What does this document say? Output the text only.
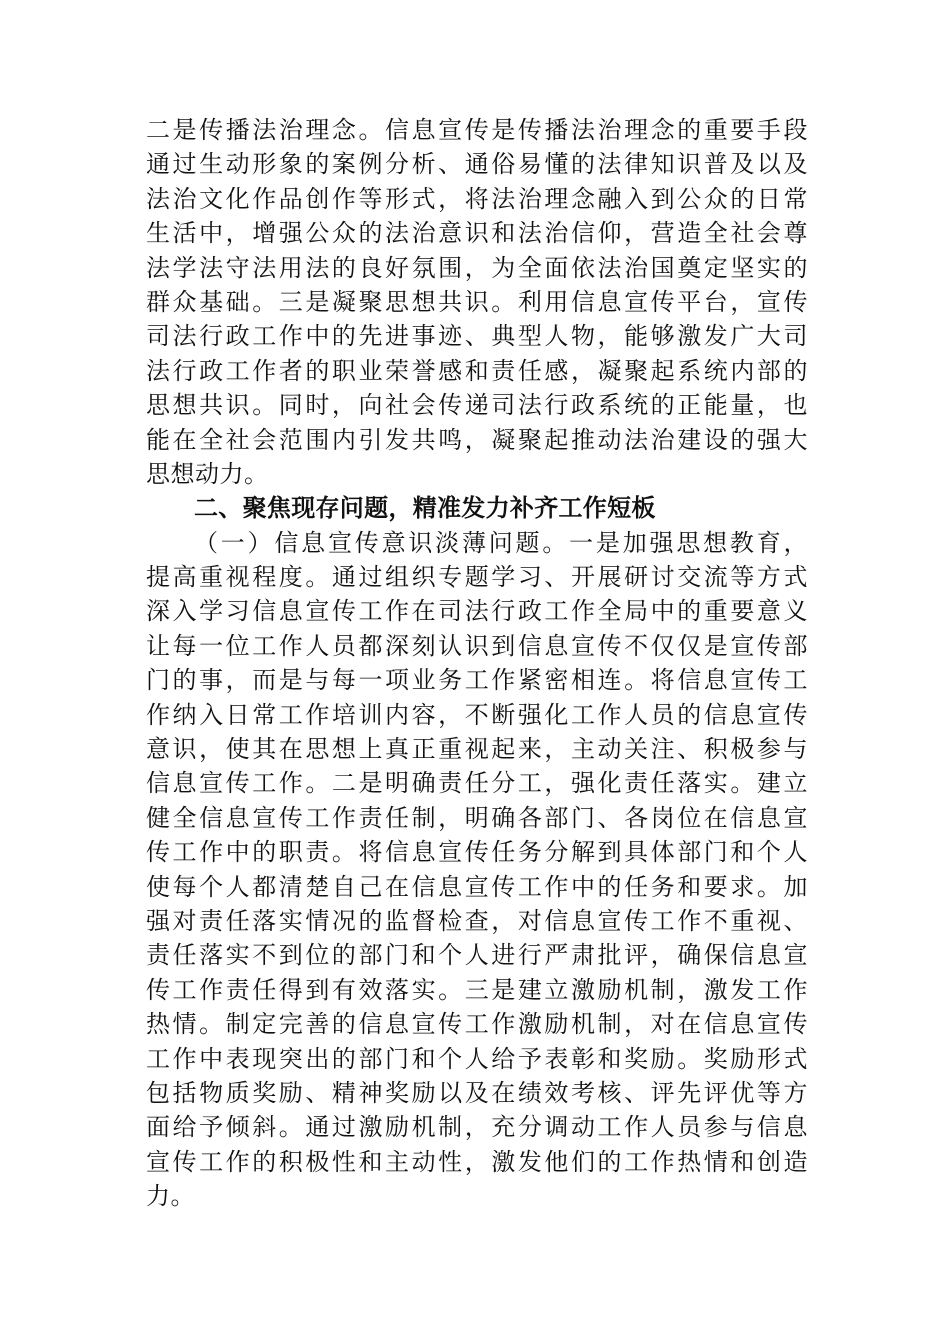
二是传播法治理念。信息宣传是传播法治理念的重要手段
通过生动形象的案例分析、通俗易懂的法律知识普及以及
法治文化作品创作等形式，将法治理念融入到公众的日常
生活中，增强公众的法治意识和法治信仰，营造全社会尊
法学法守法用法的良好氛围，为全面依法治国奠定坚实的
群众基础。三是凝聚思想共识。利用信息宣传平台，宣传
司法行政工作中的先进事迹、典型人物，能够激发广大司
法行政工作者的职业荣誉感和责任感，凝聚起系统内部的
思想共识。同时，向社会传递司法行政系统的正能量，也
能在全社会范围内引发共鸣，凝聚起推动法治建设的强大
思想动力。
二、聚焦现存问题，精准发力补齐工作短板
（一）信息宣传意识淡薄问题。一是加强思想教育，
提高重视程度。通过组织专题学习、开展研讨交流等方式
深入学习信息宣传工作在司法行政工作全局中的重要意义
让每一位工作人员都深刻认识到信息宣传不仅仅是宣传部
门的事，而是与每一项业务工作紧密相连。将信息宣传工
作纳入日常工作培训内容，不断强化工作人员的信息宣传
意识，使其在思想上真正重视起来，主动关注、积极参与
信息宣传工作。二是明确责任分工，强化责任落实。建立
健全信息宣传工作责任制，明确各部门、各岗位在信息宣
传工作中的职责。将信息宣传任务分解到具体部门和个人
使每个人都清楚自己在信息宣传工作中的任务和要求。加
强对责任落实情况的监督检查，对信息宣传工作不重视、
责任落实不到位的部门和个人进行严肃批评，确保信息宣
传工作责任得到有效落实。三是建立激励机制，激发工作
热情。制定完善的信息宣传工作激励机制，对在信息宣传
工作中表现突出的部门和个人给予表彰和奖励。奖励形式
包括物质奖励、精神奖励以及在绩效考核、评先评优等方
面给予倾斜。通过激励机制，充分调动工作人员参与信息
宣传工作的积极性和主动性，激发他们的工作热情和创造
力。
